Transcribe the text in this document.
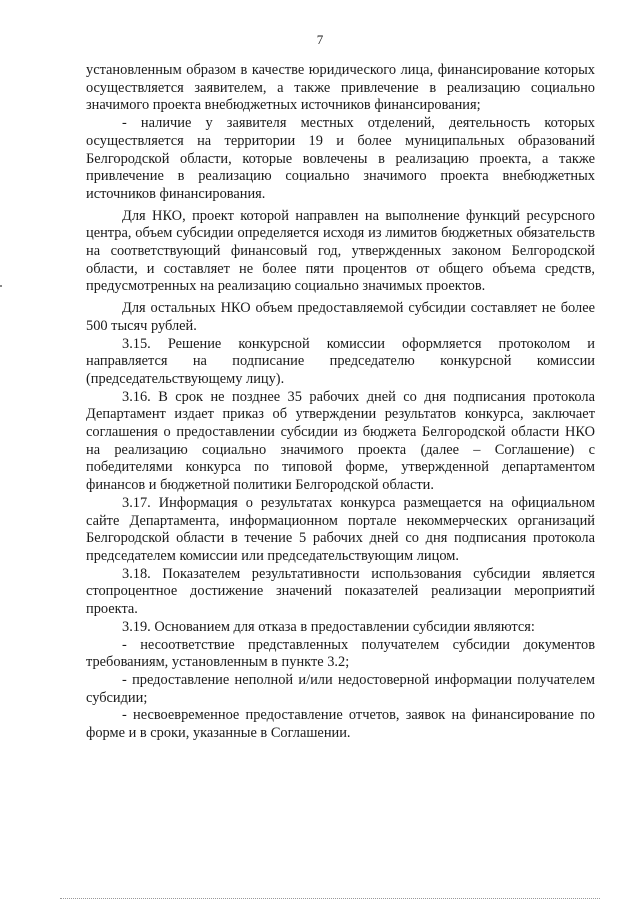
7

установленным образом в качестве юридического лица, финансирование которых осуществляется заявителем, а также привлечение в реализацию социально значимого проекта внебюджетных источников финансирования;

- наличие у заявителя местных отделений, деятельность которых осуществляется на территории 19 и более муниципальных образований Белгородской области, которые вовлечены в реализацию проекта, а также привлечение в реализацию социально значимого проекта внебюджетных источников финансирования.

Для НКО, проект которой направлен на выполнение функций ресурсного центра, объем субсидии определяется исходя из лимитов бюджетных обязательств на соответствующий финансовый год, утвержденных законом Белгородской области, и составляет не более пяти процентов от общего объема средств, предусмотренных на реализацию социально значимых проектов.

Для остальных НКО объем предоставляемой субсидии составляет не более 500 тысяч рублей.

3.15. Решение конкурсной комиссии оформляется протоколом и направляется на подписание председателю конкурсной комиссии (председательствующему лицу).

3.16. В срок не позднее 35 рабочих дней со дня подписания протокола Департамент издает приказ об утверждении результатов конкурса, заключает соглашения о предоставлении субсидии из бюджета Белгородской области НКО на реализацию социально значимого проекта (далее – Соглашение) с победителями конкурса по типовой форме, утвержденной департаментом финансов и бюджетной политики Белгородской области.

3.17. Информация о результатах конкурса размещается на официальном сайте Департамента, информационном портале некоммерческих организаций Белгородской области в течение 5 рабочих дней со дня подписания протокола председателем комиссии или председательствующим лицом.

3.18. Показателем результативности использования субсидии является стопроцентное достижение значений показателей реализации мероприятий проекта.

3.19. Основанием для отказа в предоставлении субсидии являются:

- несоответствие представленных получателем субсидии документов требованиям, установленным в пункте 3.2;

- предоставление неполной и/или недостоверной информации получателем субсидии;

- несвоевременное предоставление отчетов, заявок на финансирование по форме и в сроки, указанные в Соглашении.
